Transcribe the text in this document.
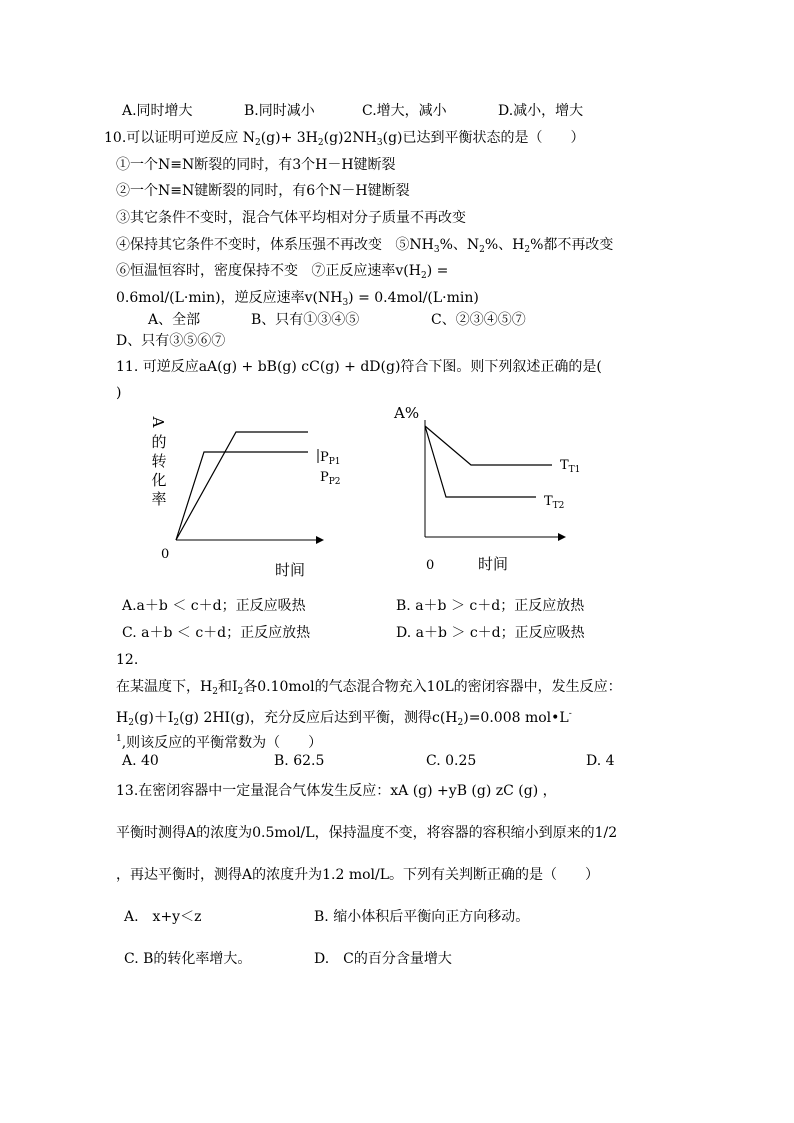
A.同时增大	B.同时减小	C.增大，减小	D.减小，增大
10.可以证明可逆反应 $N_2(g)+ 3H_2(g)2NH_3(g)$已达到平衡状态的是（　　）
①一个N≡N断裂的同时，有3个H－H键断裂
②一个N≡N键断裂的同时，有6个N－H键断裂
③其它条件不变时，混合气体平均相对分子质量不再改变
④保持其它条件不变时，体系压强不再改变 $⑤NH_3\%$、$N_2\%$、$H_2\%$都不再改变
⑥恒温恒容时，密度保持不变 ⑦正反应速率$v(H_2)$ =
0.6mol/(L·min)，逆反应速率$v(NH_3) = 0.4mol/(L\cdot\min)$
A、全部	B、只有①③④⑤	C、②③④⑤⑦
D、只有③⑤⑥⑦
11. 可逆反应aA(g) + bB(g) cC(g) + dD(g)符合下图。则下列叙述正确的是(
)
A
的
转
化
率
$P_{P1}$
$P_{P2}$
0
时间
A%
$T_{T1}$
$T_{T2}$
0	时间
A.a＋b ＜ c＋d；正反应吸热	B. a＋b ＞ c＋d；正反应放热
C. a＋b ＜ c＋d；正反应放热	D. a＋b ＞ c＋d；正反应吸热
12.
在某温度下，$H_2$和$I_2$各0.10mol的气态混合物充入10L的密闭容器中，发生反应：
$H_2(g)+I_2(g)$ 2HI(g)，充分反应后达到平衡，测得$c(H_2)=0.008$ mol•L-
$^1$,则该反应的平衡常数为（　　）
A. 40	B. 62.5	C. 0.25	D. 4
13.在密闭容器中一定量混合气体发生反应：xA (g) +yB (g) zC (g) ，
平衡时测得A的浓度为0.5mol/L，保持温度不变，将容器的容积缩小到原来的1/2
，再达平衡时，测得A的浓度升为1.2 mol/L。下列有关判断正确的是（　　）
A.　x+y＜z	B. 缩小体积后平衡向正方向移动。
C. B的转化率增大。	D.　C的百分含量增大
